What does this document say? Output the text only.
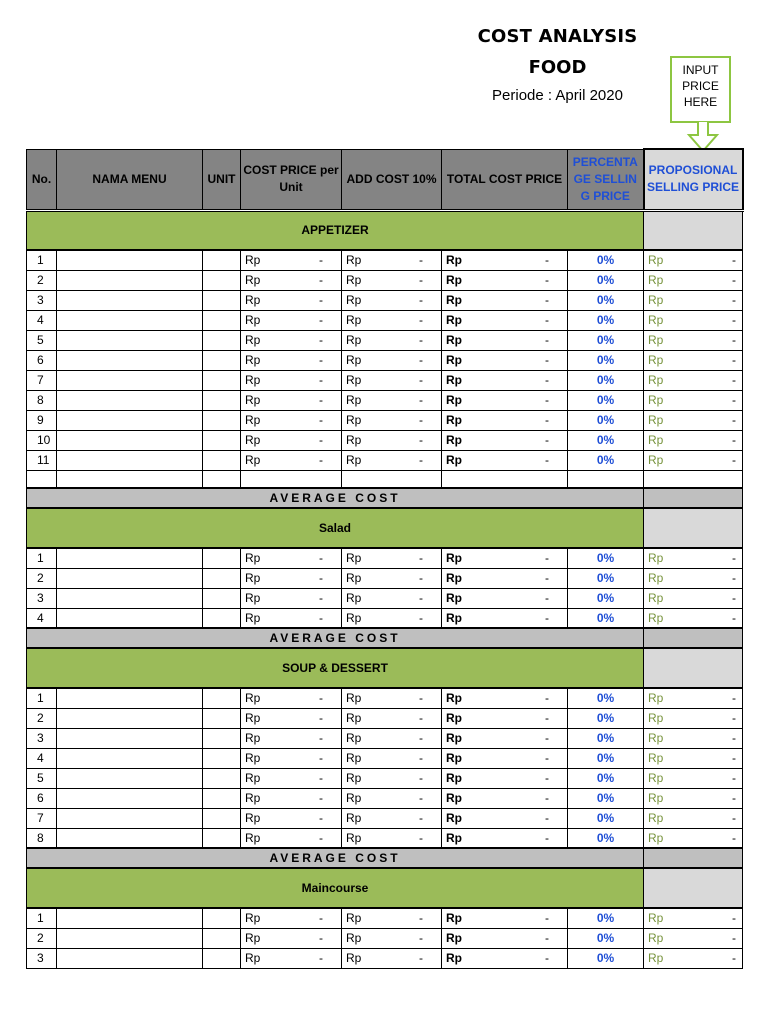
COST ANALYSIS
FOOD
Periode : April 2020
INPUT
PRICE
HERE
No.	NAMA MENU	UNIT	COST PRICE per Unit	ADD COST 10%	TOTAL COST PRICE	PERCENTAGE SELLING PRICE	PROPOSIONAL SELLING PRICE
APPETIZER							
1			Rp -	Rp -	Rp -	0%	Rp -

2			Rp -	Rp -	Rp -	0%	Rp -

3			Rp -	Rp -	Rp -	0%	Rp -

4			Rp -	Rp -	Rp -	0%	Rp -

5			Rp -	Rp -	Rp -	0%	Rp -

6			Rp -	Rp -	Rp -	0%	Rp -

7			Rp -	Rp -	Rp -	0%	Rp -

8			Rp -	Rp -	Rp -	0%	Rp -

9			Rp -	Rp -	Rp -	0%	Rp -

10			Rp -	Rp -	Rp -	0%	Rp -

11			Rp -	Rp -	Rp -	0%	Rp -

AVERAGE COST							
Salad							
1			Rp -	Rp -	Rp -	0%	Rp -

2			Rp -	Rp -	Rp -	0%	Rp -

3			Rp -	Rp -	Rp -	0%	Rp -

4			Rp -	Rp -	Rp -	0%	Rp -

AVERAGE COST							
SOUP & DESSERT							
1			Rp -	Rp -	Rp -	0%	Rp -

2			Rp -	Rp -	Rp -	0%	Rp -

3			Rp -	Rp -	Rp -	0%	Rp -

4			Rp -	Rp -	Rp -	0%	Rp -

5			Rp -	Rp -	Rp -	0%	Rp -

6			Rp -	Rp -	Rp -	0%	Rp -

7			Rp -	Rp -	Rp -	0%	Rp -

8			Rp -	Rp -	Rp -	0%	Rp -

AVERAGE COST							
Maincourse							
1			Rp -	Rp -	Rp -	0%	Rp -

2			Rp -	Rp -	Rp -	0%	Rp -

3			Rp -	Rp -	Rp -	0%	Rp -
